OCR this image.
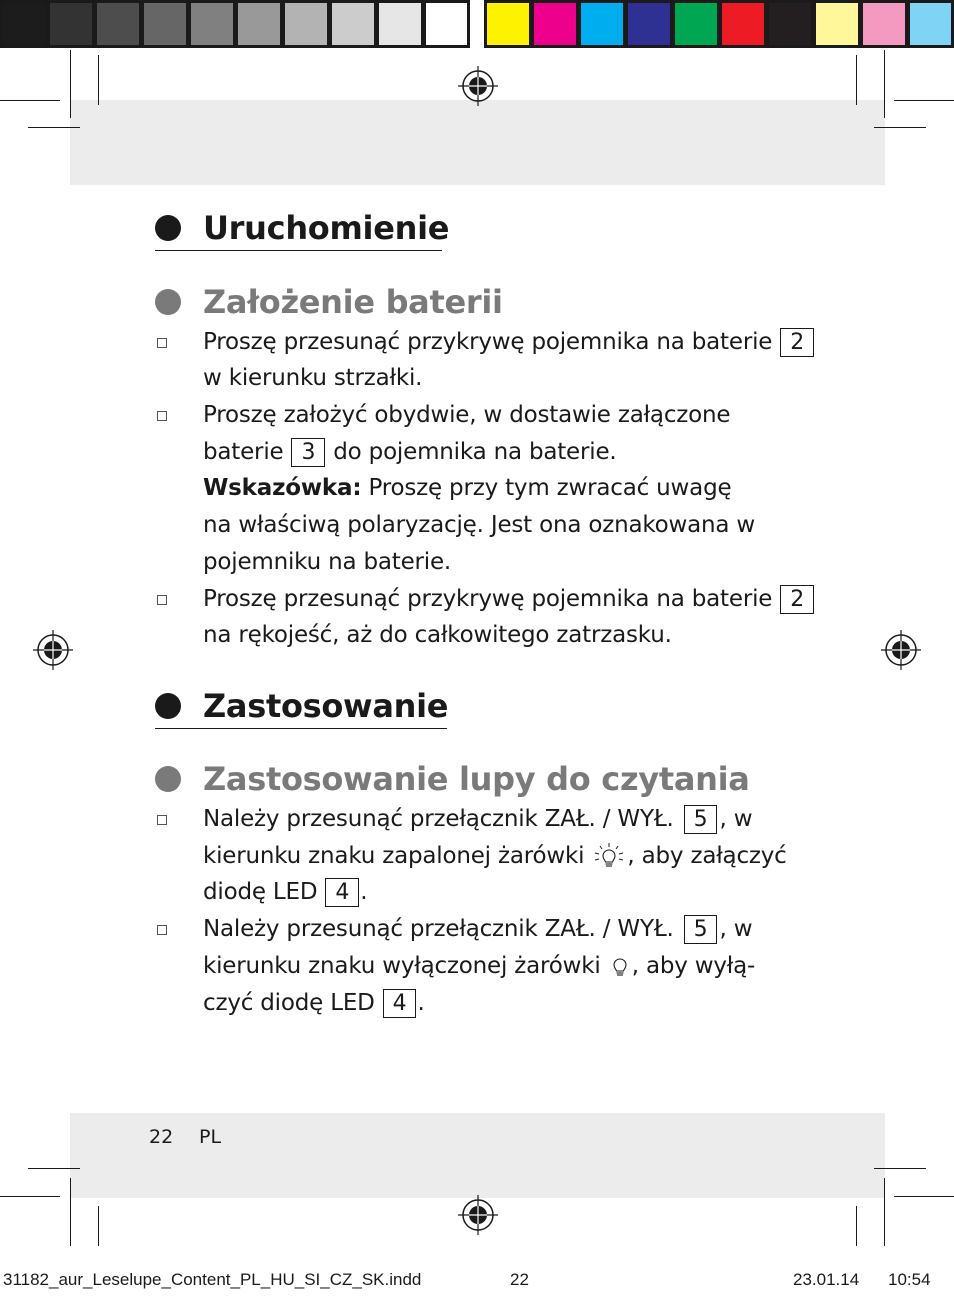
Uruchomienie
Założenie baterii
Proszę przesunąć przykrywę pojemnika na baterie 2
w kierunku strzałki.
Proszę założyć obydwie, w dostawie załączone
baterie 3 do pojemnika na baterie.
Wskazówka: Proszę przy tym zwracać uwagę
na właściwą polaryzację. Jest ona oznakowana w
pojemniku na baterie.
Proszę przesunąć przykrywę pojemnika na baterie 2
na rękojeść, aż do całkowitego zatrzasku.
Zastosowanie
Zastosowanie lupy do czytania
Należy przesunąć przełącznik ZAŁ. / WYŁ. 5 , w
kierunku znaku zapalonej żarówki , aby załączyć
diodę LED 4 .
Należy przesunąć przełącznik ZAŁ. / WYŁ. 5 , w
kierunku znaku wyłączonej żarówki , aby wyłą-
czyć diodę LED 4 .
22 PL
31182_aur_Leselupe_Content_PL_HU_SI_CZ_SK.indd	22	23.01.14 10:54
